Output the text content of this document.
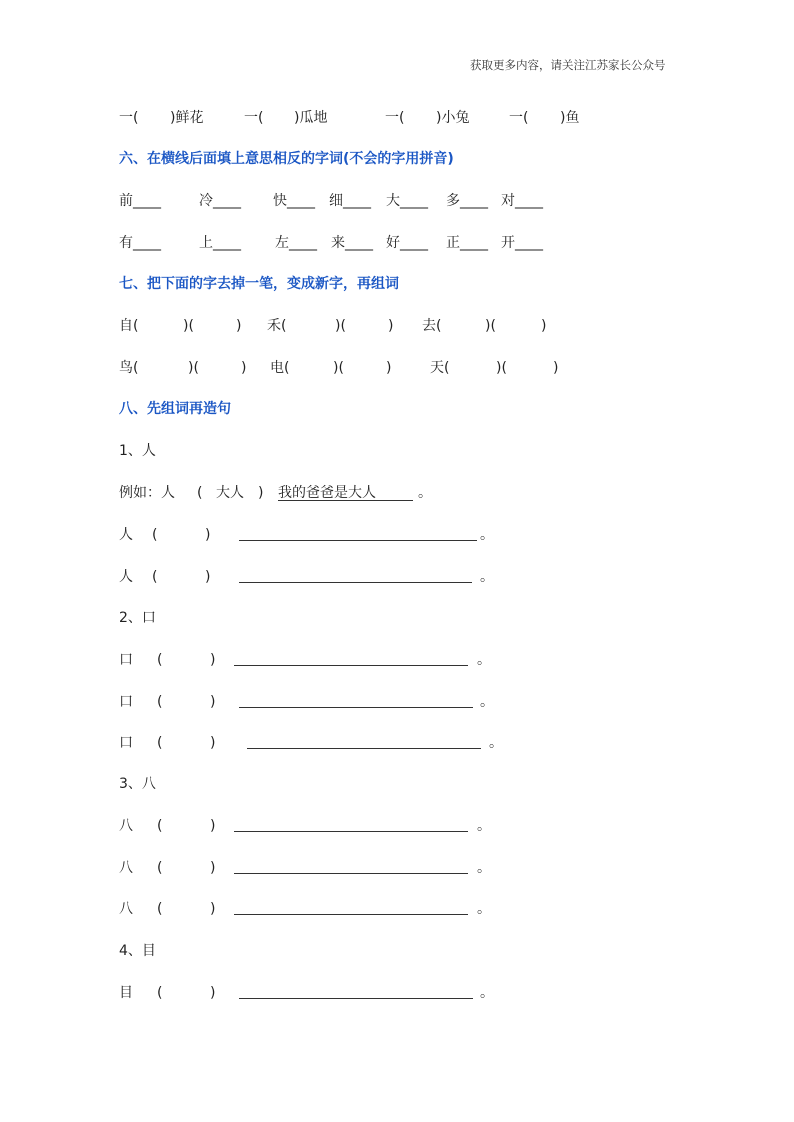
获取更多内容，请关注江苏家长公众号
一( )鲜花	一( )瓜地	一( )小兔	一( )鱼
六、在横线后面填上意思相反的字词(不会的字用拼音)
前____	冷____ 快____ 细____ 大____ 多____ 对____
有____	上____ 左____ 来____ 好____ 正____ 开____
七、把下面的字去掉一笔，变成新字，再组词
自(	)(	) 禾(	)(	) 去(	)(	)
鸟(	)(	) 电(	)(	)	天(	)(	)
八、先组词再造句
1、人
例如：人 ( 大人 ) 我的爸爸是大人	。
人 (	)	。
人 (	)	。
2、口
口 (	)	。
口 (	)	。
口 (	)	。
3、八
八 (	)	。
八 (	)	。
八 (	)	。
4、目
目 (	)	。
